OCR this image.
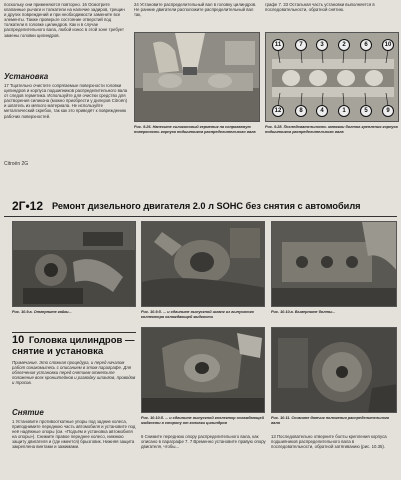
поскольку они применяются повторно. 16 Осмотрите клапанные рычаги и толкатели на наличие задиров, трещин и других повреждений и при необходимости замените все элементы. Также проверьте состояние отверстий под толкатели в головке цилиндров. Как и в случае распределительного вала, любой износ в этой зоне требует замены головки цилиндров.
Установка
17 Тщательно очистите сопрягаемые поверхности головки цилиндров и корпуса подшипников распределительного вала от следов герметика. Используйте для очистки средство для растворения силикона (можно приобрести у дилеров Citroën) и шпатель из мягкого материала. Не используйте металлический скребок, так как это приведёт к повреждению рабочих поверхностей.
Citroën 2G
24 Установите распределительный вал в головку цилиндров. Не ранние двигатели расположите распределительный вал так,
Рис. 9.26. Нанесите силиконовый герметик на сопрягаемую поверхность корпуса подшипников распределительного вала
графе 7. 33 Остальная часть установки выполняется в последовательности, обратной снятию.
11	7	3	2	6	10
12	8	4	1	5	9
Рис. 9.28. Последовательность затяжки болтов крепления корпуса подшипников распределительного вала
2Г•12 Ремонт дизельного двигателя 2.0 л SOHC без снятия с автомобиля
Рис. 10.9.а. Отверните гайки...	Рис. 10.9.б. ... и сдвиньте выпускной шланг из выпускного коллектора охлаждающей жидкости
Рис. 10.10.а. Выверните болты...
Рис. 10.10.б. ... и сдвиньте выпускной коллектор охлаждающей жидкости в сторону от головки цилиндров
Рис. 10.11. Снимите датчик положения распределительного вала
10 Головка цилиндров — снятие и установка
Примечание. Это сложная процедура, и перед началом работ ознакомьтесь с описанием в этом параграфе. Для облегчения установки перед снятием отметьте положение всех кронштейнов и разводку шлангов, проводов и тросов.
Снятие
1 Установите противооткатные упоры под задние колеса, приподнимите переднюю часть автомобиля и установите под неё надёжные опоры (см. «Подъём и установка автомобиля на опоры»). Снимите правое переднее колесо, нижнюю защиту двигателя и (где имеется) брызговик. Нижняя защита закреплена винтами и зажимами.
6 Снимите переднюю опору распределительного вала, как описано в параграфе 7. 7 Временно установите правую опору двигателя, чтобы...
13 Последовательно отверните болты крепления корпуса подшипников распределительного вала в последовательности, обратной затягиванию (рис. 10.35).
